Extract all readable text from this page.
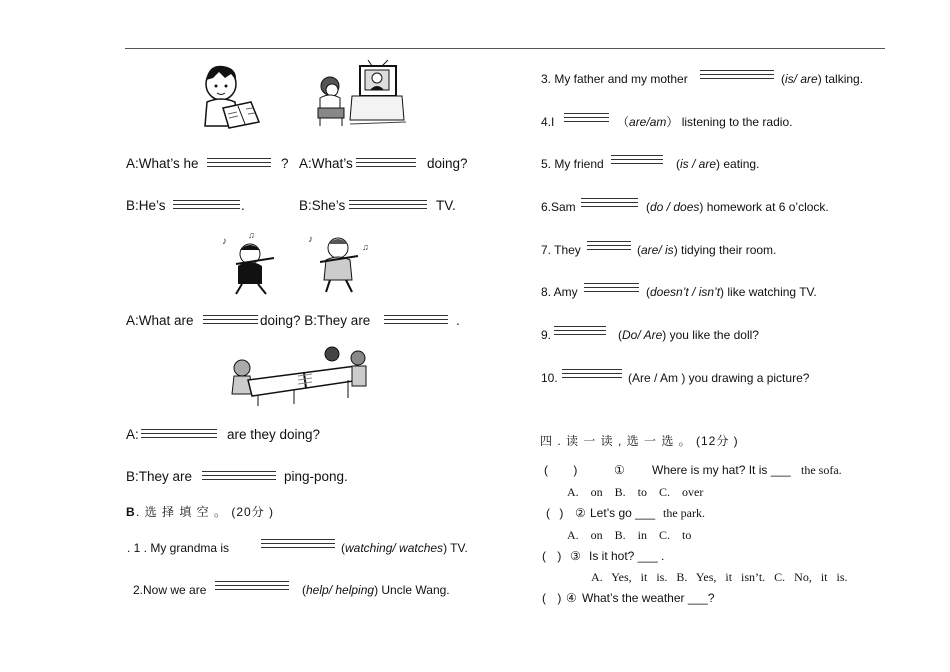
A:What’s he	? A:What’s	doing?
B:He’s	.	B:She’s	TV.
♪
♫	♪
♫
A:What are	doing? B:They are	.
A:	are they doing?
B:They are	ping-pong.
B . 选 择 填 空 。 (20分 )
. 1 . My grandma is	(watching/ watches) TV.
2.Now we are	(help/ helping) Uncle Wang.
3. My father and my mother	(is/ are) talking.
4.I	（are/am） listening to the radio.
5. My friend	(is / are) eating.
6.Sam	(do / does) homework at 6 o’clock.
7. They	(are/ is) tidying their room.
8. Amy	(doesn’t / isn’t) like watching TV.
9.	(Do/ Are) you like the doll?
10.	(Are / Am ) you drawing a picture?
四 . 读 一 读 , 选 一 选 。 (12分 )
( )	① Where is my hat? It is ___ the sofa.
A. on B. to C. over
( ) ② Let’s go ___ the park.
A. on B. in C. to
( ) ③ Is it hot? ___ .
A. Yes, it is. B. Yes, it isn’t. C. No, it is.
( ) ④ What’s the weather ___?
